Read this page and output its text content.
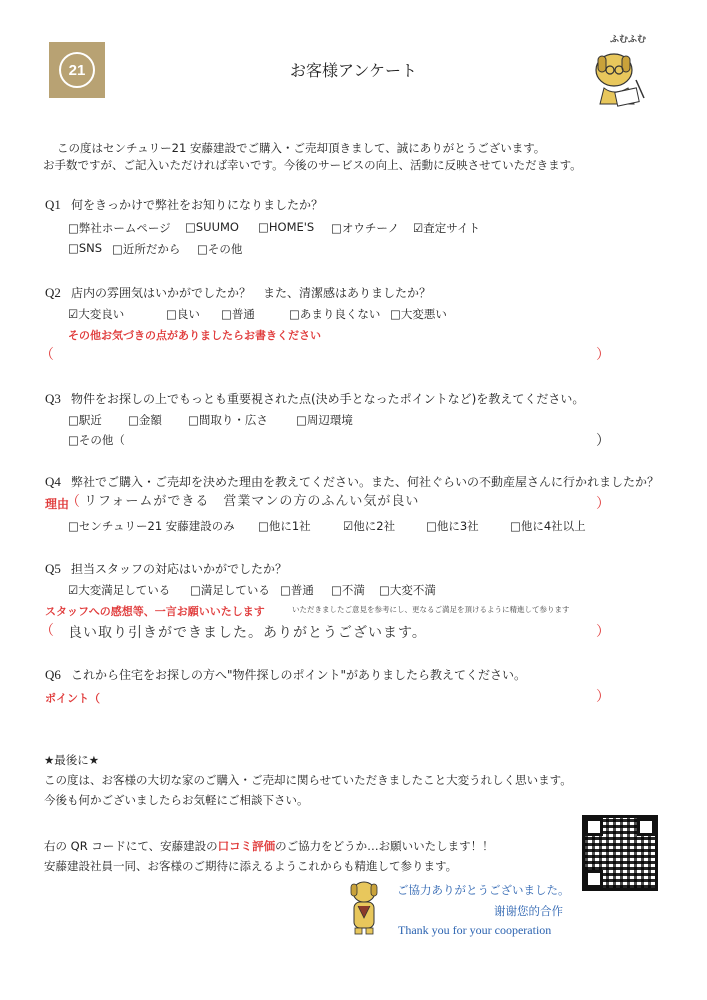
21	お客様アンケート
ふむふむ
この度はセンチュリー21 安藤建設でご購入・ご売却頂きまして、誠にありがとうございます。
お手数ですが、ご記入いただければ幸いです。今後のサービスの向上、活動に反映させていただきます。
Q1 何をきっかけで弊社をお知りになりましたか？
□弊社ホームページ □SUUMO □HOME'S □オウチーノ ☑査定サイト
□SNS □近所だから □その他
Q2 店内の雰囲気はいかがでしたか？　また、清潔感はありましたか？
☑大変良い	□良い □普通	□あまり良くない □大変悪い
その他お気づきの点がありましたらお書きください
（	）
Q3 物件をお探しの上でもっとも重要視された点(決め手となったポイントなど)を教えてください。
□駅近 □金額 □間取り・広さ □周辺環境
□その他（	）
Q4 弊社でご購入・ご売却を決めた理由を教えてください。また、何社ぐらいの不動産屋さんに行かれましたか？
理由
（ リフォームができる　営業マンの方のふんい気が良い	）
□センチュリー21 安藤建設のみ □他に1社	☑他に2社	□他に3社	□他に4社以上
Q5 担当スタッフの対応はいかがでしたか？
☑大変満足している □満足している □普通 □不満 □大変不満
スタッフへの感想等、一言お願いいたします	いただきましたご意見を参考にし、更なるご満足を頂けるように精進して参ります
（ 良い取り引きができました。ありがとうございます。	）
Q6 これから住宅をお探しの方へ"物件探しのポイント"がありましたら教えてください。
ポイント（	）
★最後に★
この度は、お客様の大切な家のご購入・ご売却に関らせていただきましたこと大変うれしく思います。
今後も何かございましたらお気軽にご相談下さい。
右の QR コードにて、安藤建設の口コミ評価のご協力をどうか…お願いいたします！！
安藤建設社員一同、お客様のご期待に添えるようこれからも精進して参ります。
ご協力ありがとうございました。
谢谢您的合作
Thank you for your cooperation
